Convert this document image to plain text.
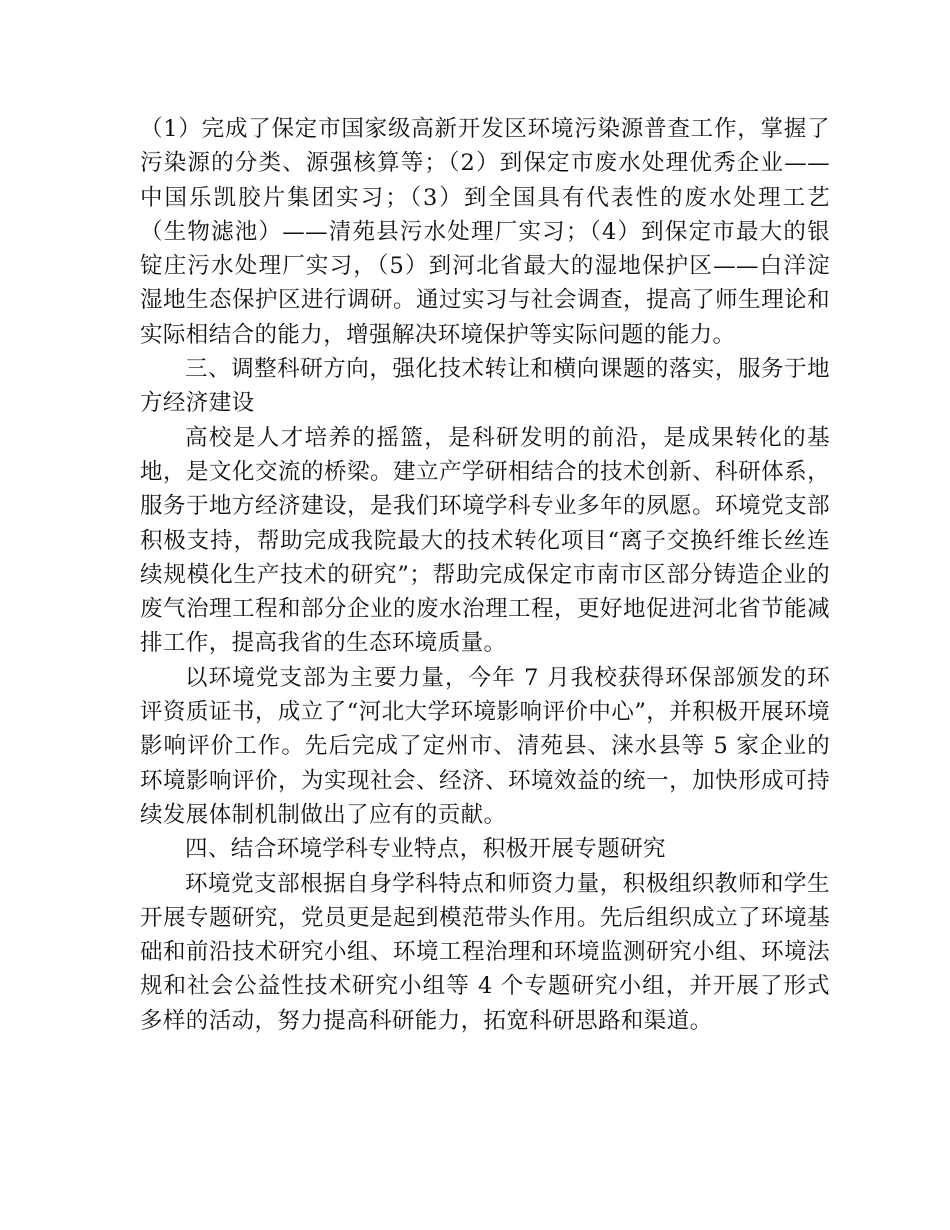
（1）完成了保定市国家级高新开发区环境污染源普查工作，掌握了污染源的分类、源强核算等；（2）到保定市废水处理优秀企业——中国乐凯胶片集团实习；（3）到全国具有代表性的废水处理工艺（生物滤池）——清苑县污水处理厂实习；（4）到保定市最大的银锭庄污水处理厂实习，（5）到河北省最大的湿地保护区——白洋淀湿地生态保护区进行调研。通过实习与社会调查，提高了师生理论和实际相结合的能力，增强解决环境保护等实际问题的能力。

三、调整科研方向，强化技术转让和横向课题的落实，服务于地方经济建设

高校是人才培养的摇篮，是科研发明的前沿，是成果转化的基地，是文化交流的桥梁。建立产学研相结合的技术创新、科研体系，服务于地方经济建设，是我们环境学科专业多年的夙愿。环境党支部积极支持，帮助完成我院最大的技术转化项目“离子交换纤维长丝连续规模化生产技术的研究”；帮助完成保定市南市区部分铸造企业的废气治理工程和部分企业的废水治理工程，更好地促进河北省节能减排工作，提高我省的生态环境质量。

以环境党支部为主要力量，今年 7 月我校获得环保部颁发的环评资质证书，成立了“河北大学环境影响评价中心”，并积极开展环境影响评价工作。先后完成了定州市、清苑县、涞水县等 5 家企业的环境影响评价，为实现社会、经济、环境效益的统一，加快形成可持续发展体制机制做出了应有的贡献。

四、结合环境学科专业特点，积极开展专题研究

环境党支部根据自身学科特点和师资力量，积极组织教师和学生开展专题研究，党员更是起到模范带头作用。先后组织成立了环境基础和前沿技术研究小组、环境工程治理和环境监测研究小组、环境法规和社会公益性技术研究小组等 4 个专题研究小组，并开展了形式多样的活动，努力提高科研能力，拓宽科研思路和渠道。
